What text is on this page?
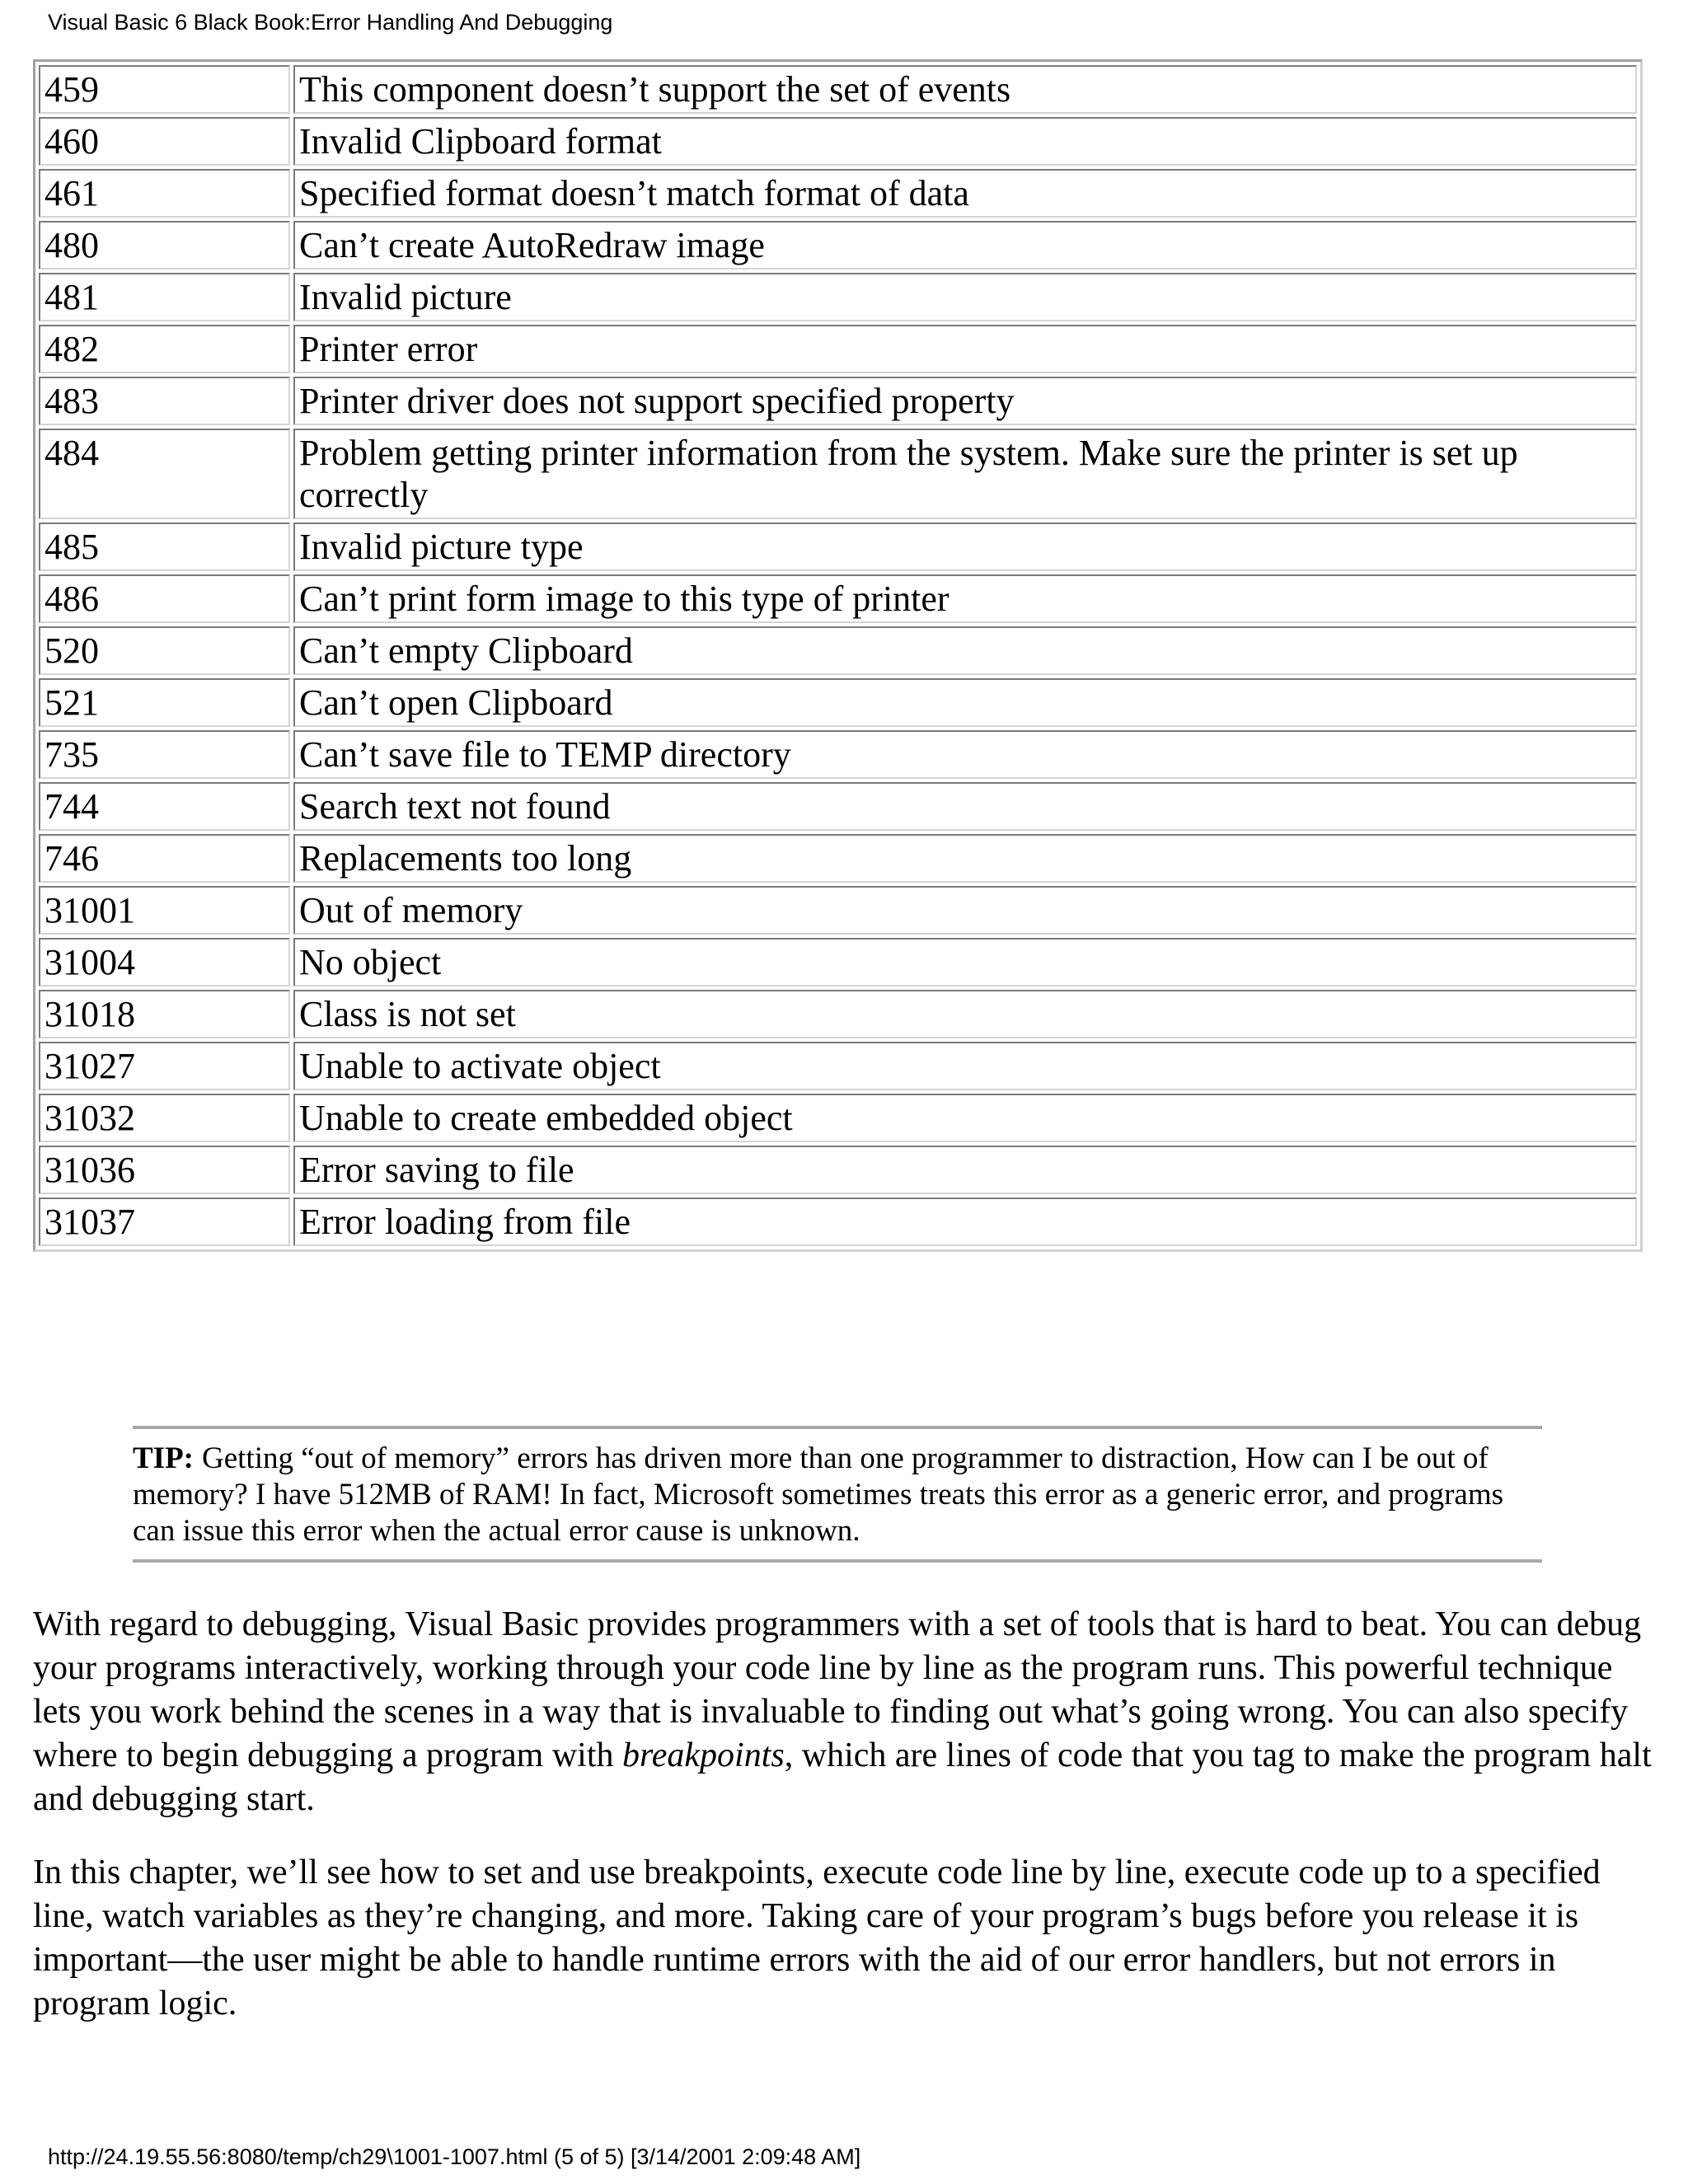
Visual Basic 6 Black Book:Error Handling And Debugging
459	This component doesn’t support the set of events
460	Invalid Clipboard format
461	Specified format doesn’t match format of data
480	Can’t create AutoRedraw image
481	Invalid picture
482	Printer error
483	Printer driver does not support specified property
484	Problem getting printer information from the system. Make sure the printer is set up correctly
485	Invalid picture type
486	Can’t print form image to this type of printer
520	Can’t empty Clipboard
521	Can’t open Clipboard
735	Can’t save file to TEMP directory
744	Search text not found
746	Replacements too long
31001	Out of memory
31004	No object
31018	Class is not set
31027	Unable to activate object
31032	Unable to create embedded object
31036	Error saving to file
31037	Error loading from file
TIP: Getting “out of memory” errors has driven more than one programmer to distraction, How can I be out of memory? I have 512MB of RAM! In fact, Microsoft sometimes treats this error as a generic error, and programs can issue this error when the actual error cause is unknown.

With regard to debugging, Visual Basic provides programmers with a set of tools that is hard to beat. You can debug your programs interactively, working through your code line by line as the program runs. This powerful technique lets you work behind the scenes in a way that is invaluable to finding out what’s going wrong. You can also specify where to begin debugging a program with breakpoints, which are lines of code that you tag to make the program halt and debugging start.

In this chapter, we’ll see how to set and use breakpoints, execute code line by line, execute code up to a specified line, watch variables as they’re changing, and more. Taking care of your program’s bugs before you release it is important—the user might be able to handle runtime errors with the aid of our error handlers, but not errors in program logic.

http://24.19.55.56:8080/temp/ch29\1001-1007.html (5 of 5) [3/14/2001 2:09:48 AM]
